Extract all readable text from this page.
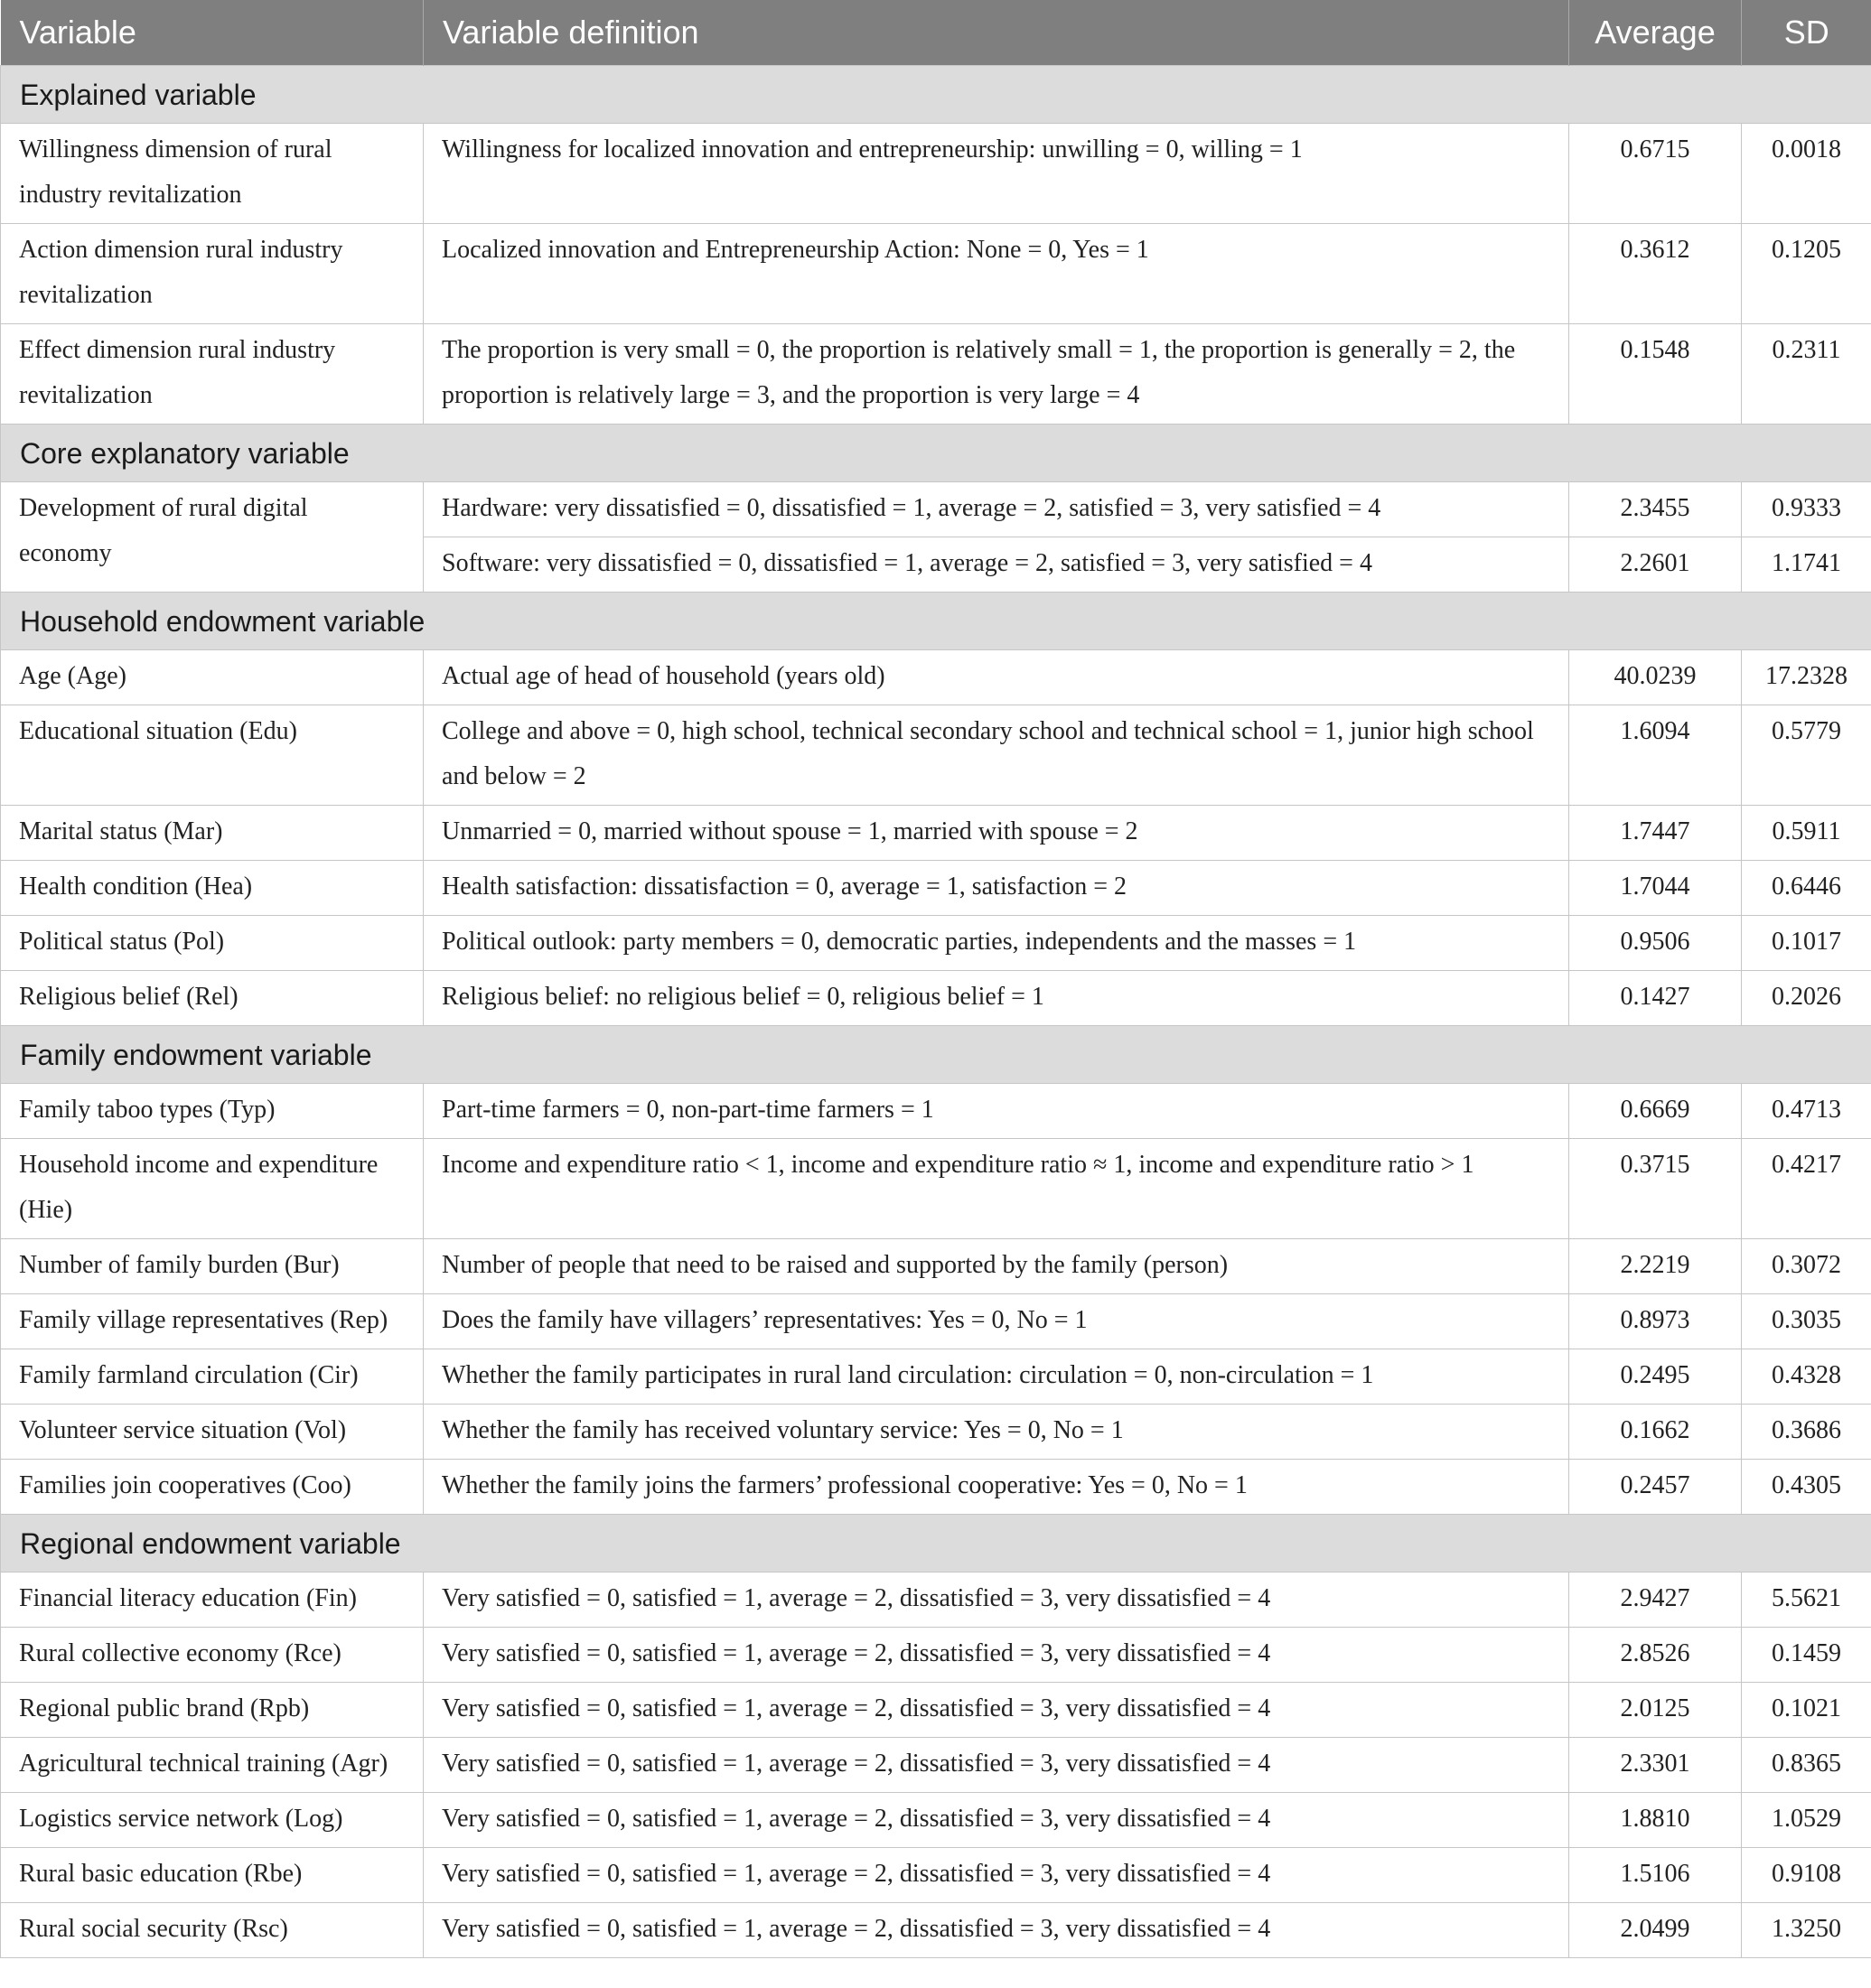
Variable	Variable definition	Average	SD
Explained variable			
Willingness dimension of rural industry revitalization	Willingness for localized innovation and entrepreneurship: unwilling = 0, willing = 1	0.6715	0.0018
Action dimension rural industry revitalization	Localized innovation and Entrepreneurship Action: None = 0, Yes = 1	0.3612	0.1205
Effect dimension rural industry revitalization	The proportion is very small = 0, the proportion is relatively small = 1, the proportion is generally = 2, the proportion is relatively large = 3, and the proportion is very large = 4	0.1548	0.2311
Core explanatory variable			
Development of rural digital economy	Hardware: very dissatisfied = 0, dissatisfied = 1, average = 2, satisfied = 3, very satisfied = 4	2.3455	0.9333
	Software: very dissatisfied = 0, dissatisfied = 1, average = 2, satisfied = 3, very satisfied = 4	2.2601	1.1741
Household endowment variable			
Age (Age)	Actual age of head of household (years old)	40.0239	17.2328
Educational situation (Edu)	College and above = 0, high school, technical secondary school and technical school = 1, junior high school and below = 2	1.6094	0.5779
Marital status (Mar)	Unmarried = 0, married without spouse = 1, married with spouse = 2	1.7447	0.5911
Health condition (Hea)	Health satisfaction: dissatisfaction = 0, average = 1, satisfaction = 2	1.7044	0.6446
Political status (Pol)	Political outlook: party members = 0, democratic parties, independents and the masses = 1	0.9506	0.1017
Religious belief (Rel)	Religious belief: no religious belief = 0, religious belief = 1	0.1427	0.2026
Family endowment variable			
Family taboo types (Typ)	Part-time farmers = 0, non-part-time farmers = 1	0.6669	0.4713
Household income and expenditure (Hie)	Income and expenditure ratio < 1, income and expenditure ratio ≈ 1, income and expenditure ratio > 1	0.3715	0.4217
Number of family burden (Bur)	Number of people that need to be raised and supported by the family (person)	2.2219	0.3072
Family village representatives (Rep)	Does the family have villagers’ representatives: Yes = 0, No = 1	0.8973	0.3035
Family farmland circulation (Cir)	Whether the family participates in rural land circulation: circulation = 0, non-circulation = 1	0.2495	0.4328
Volunteer service situation (Vol)	Whether the family has received voluntary service: Yes = 0, No = 1	0.1662	0.3686
Families join cooperatives (Coo)	Whether the family joins the farmers’ professional cooperative: Yes = 0, No = 1	0.2457	0.4305
Regional endowment variable			
Financial literacy education (Fin)	Very satisfied = 0, satisfied = 1, average = 2, dissatisfied = 3, very dissatisfied = 4	2.9427	5.5621
Rural collective economy (Rce)	Very satisfied = 0, satisfied = 1, average = 2, dissatisfied = 3, very dissatisfied = 4	2.8526	0.1459
Regional public brand (Rpb)	Very satisfied = 0, satisfied = 1, average = 2, dissatisfied = 3, very dissatisfied = 4	2.0125	0.1021
Agricultural technical training (Agr)	Very satisfied = 0, satisfied = 1, average = 2, dissatisfied = 3, very dissatisfied = 4	2.3301	0.8365
Logistics service network (Log)	Very satisfied = 0, satisfied = 1, average = 2, dissatisfied = 3, very dissatisfied = 4	1.8810	1.0529
Rural basic education (Rbe)	Very satisfied = 0, satisfied = 1, average = 2, dissatisfied = 3, very dissatisfied = 4	1.5106	0.9108
Rural social security (Rsc)	Very satisfied = 0, satisfied = 1, average = 2, dissatisfied = 3, very dissatisfied = 4	2.0499	1.3250
